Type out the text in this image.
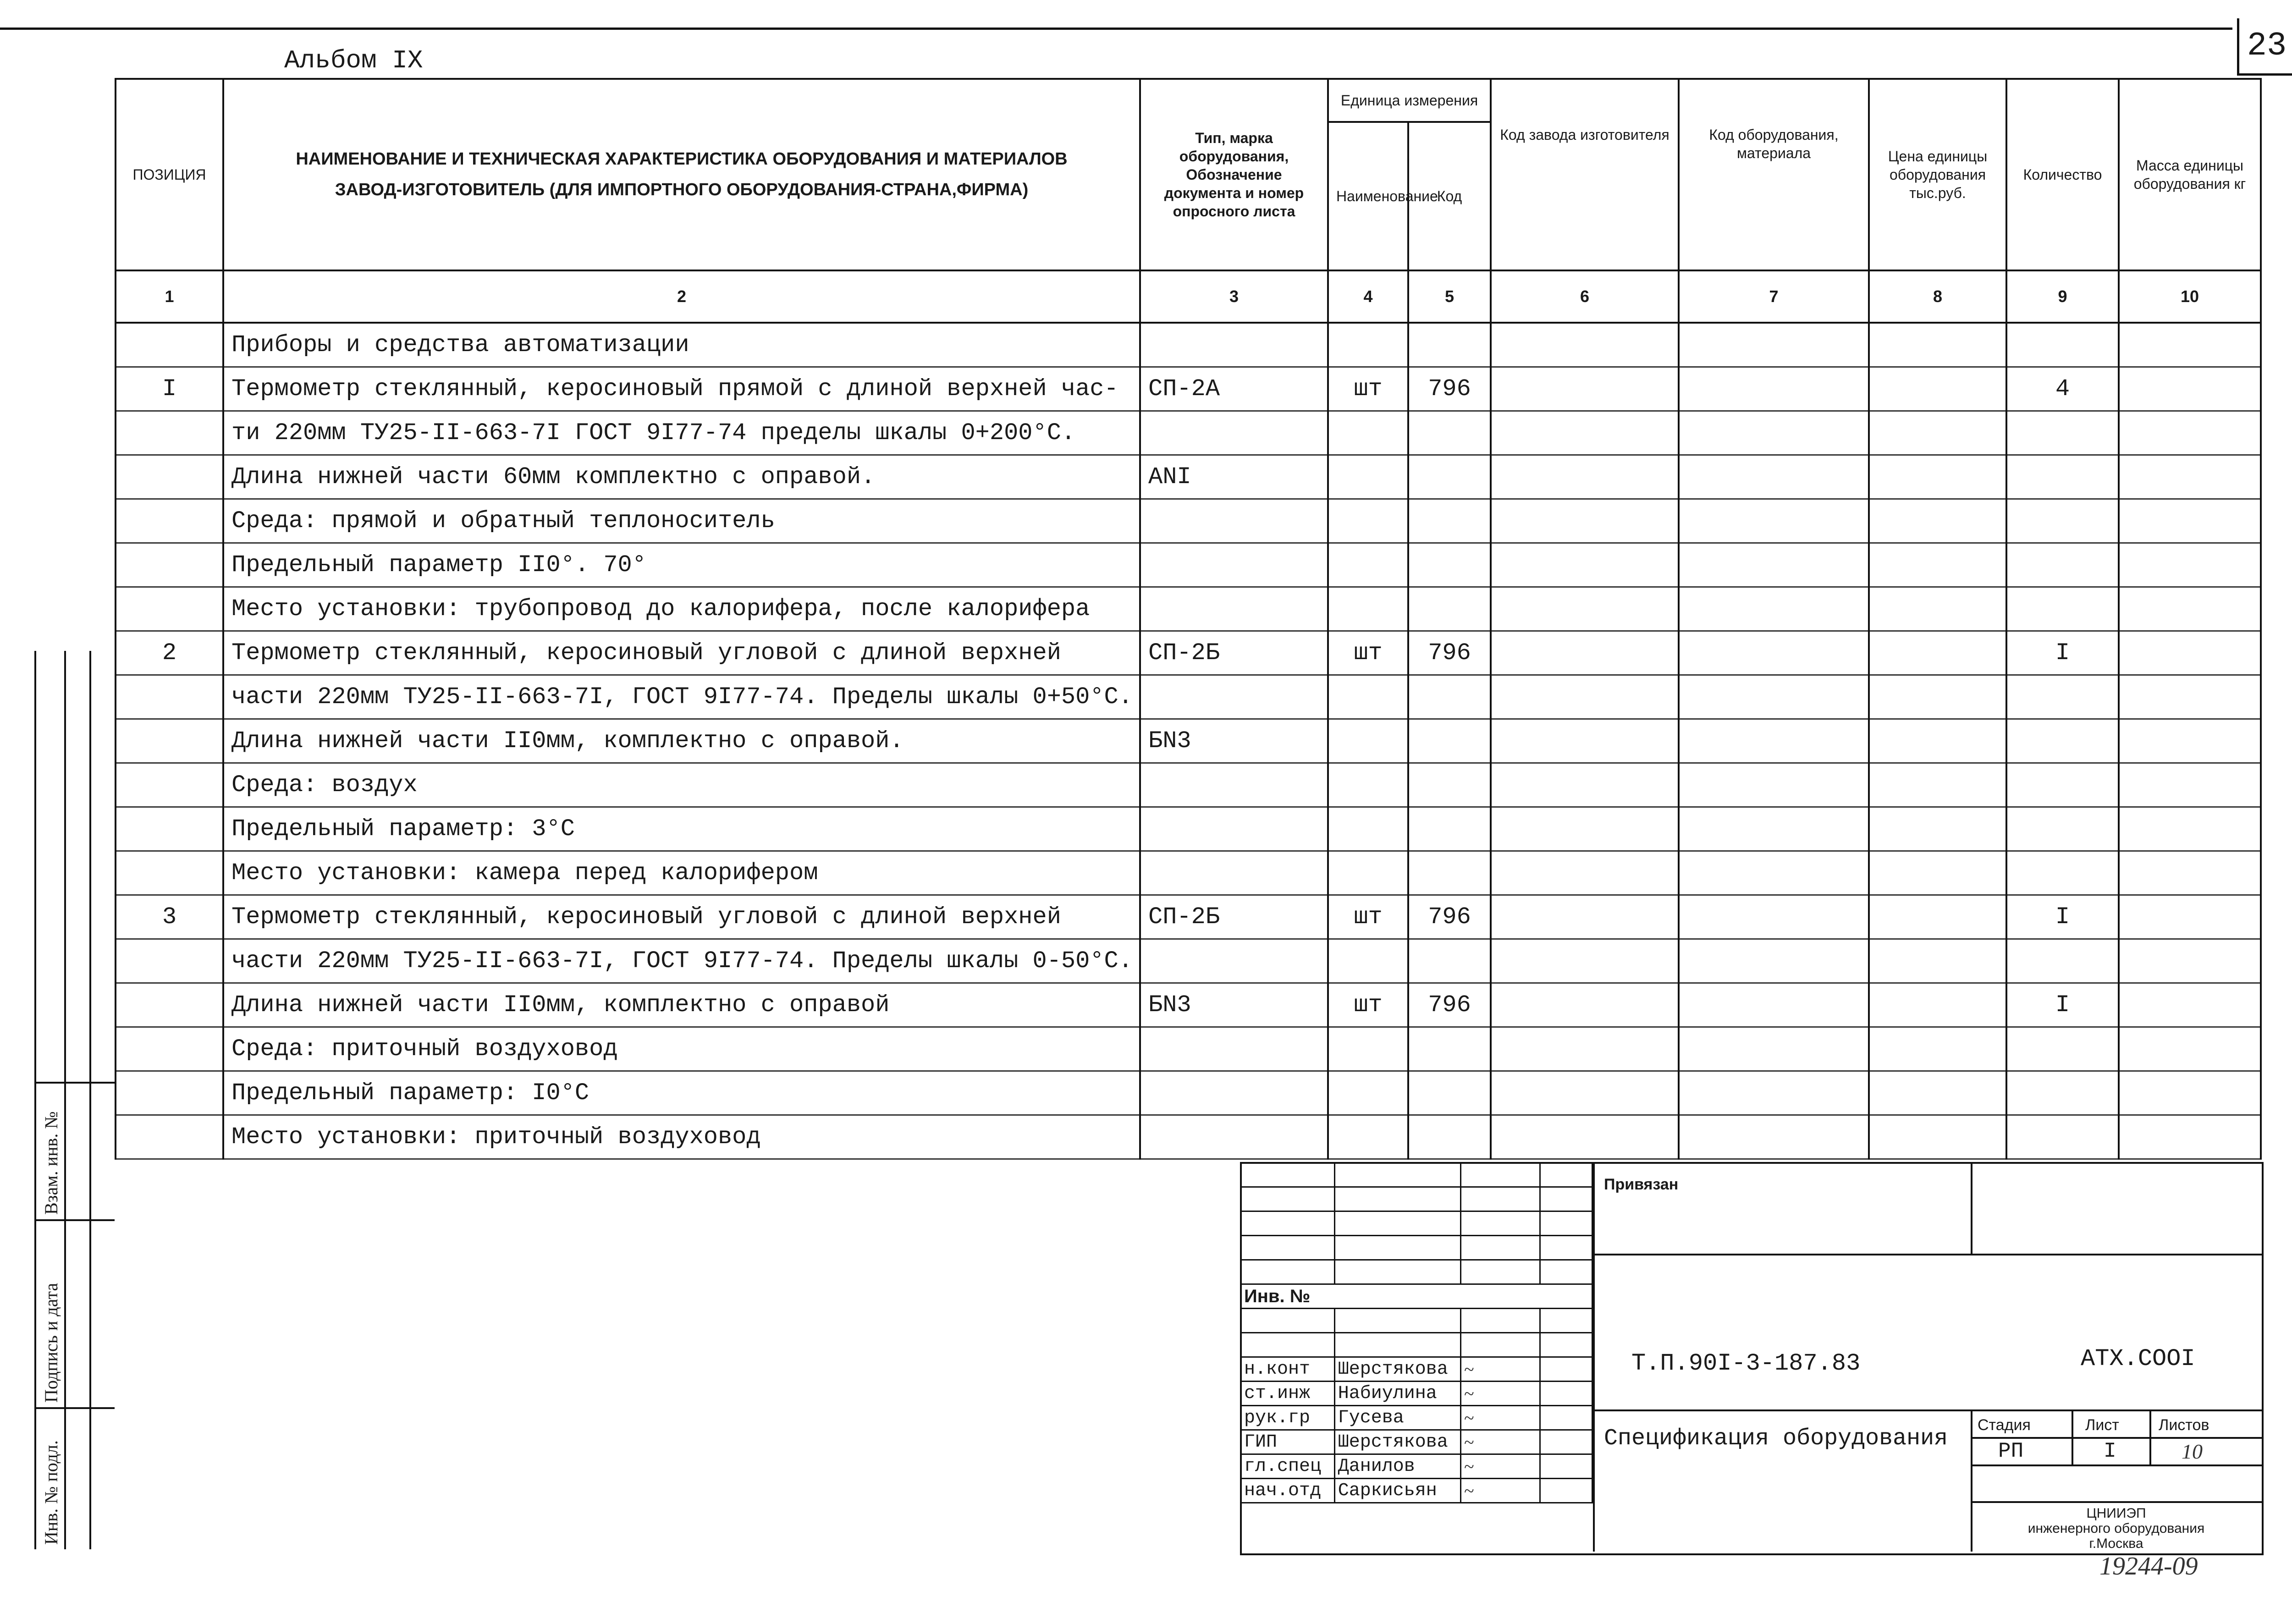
23
Альбом IX
Взам. инв. №
Подпись и дата
Инв. № подл.
ПОЗИЦИЯ	НАИМЕНОВАНИЕ И ТЕХНИЧЕСКАЯ ХАРАКТЕРИСТИКА ОБОРУДОВАНИЯ И МАТЕРИАЛОВ
ЗАВОД-ИЗГОТОВИТЕЛЬ (ДЛЯ ИМПОРТНОГО ОБОРУДОВАНИЯ-СТРАНА,ФИРМА)	Тип, марка оборудования, Обозначение документа и номер опросного листа	Единица измерения		Код завода изготовителя	Код оборудования, материала	Цена единицы оборудования тыс.руб.	Количество	Масса единицы оборудования кг
			Наименование	Код					
1	2	3	4	5	6	7	8	9	10
	Приборы и средства автоматизации								
I	Термометр стеклянный, керосиновый прямой с длиной верхней час-	СП-2А	шт	796				4	
	ти 220мм ТУ25-II-663-7I ГОСТ 9I77-74 пределы шкалы 0+200°С.								
	Длина нижней части 60мм комплектно с оправой.	АNI							
	Среда: прямой и обратный теплоноситель								
	Предельный параметр II0°. 70°								
	Место установки: трубопровод до калорифера, после калорифера								
2	Термометр стеклянный, керосиновый угловой с длиной верхней	СП-2Б	шт	796				I	
	части 220мм ТУ25-II-663-7I, ГОСТ 9I77-74. Пределы шкалы 0+50°С.								
	Длина нижней части II0мм, комплектно с оправой.	БN3							
	Среда: воздух								
	Предельный параметр: 3°С								
	Место установки: камера перед калорифером								
3	Термометр стеклянный, керосиновый угловой с длиной верхней	СП-2Б	шт	796				I	
	части 220мм ТУ25-II-663-7I, ГОСТ 9I77-74. Пределы шкалы 0-50°С.								
	Длина нижней части II0мм, комплектно с оправой	БN3	шт	796				I	
	Среда: приточный воздуховод								
	Предельный параметр: I0°С								
	Место установки: приточный воздуховод								

Инв. №			

н.конт	Шерстякова	~	
ст.инж	Набиулина	~	
рук.гр	Гусева	~	
ГИП	Шерстякова	~	
гл.спец	Данилов	~	
нач.отд	Саркисьян	~	
Привязан
Т.П.90I-3-187.83	АТХ.СООI
Спецификация оборудования
Стадия	Лист	Листов
РП	I	10
ЦНИИЭП
инженерного оборудования
г.Москва
19244-09
